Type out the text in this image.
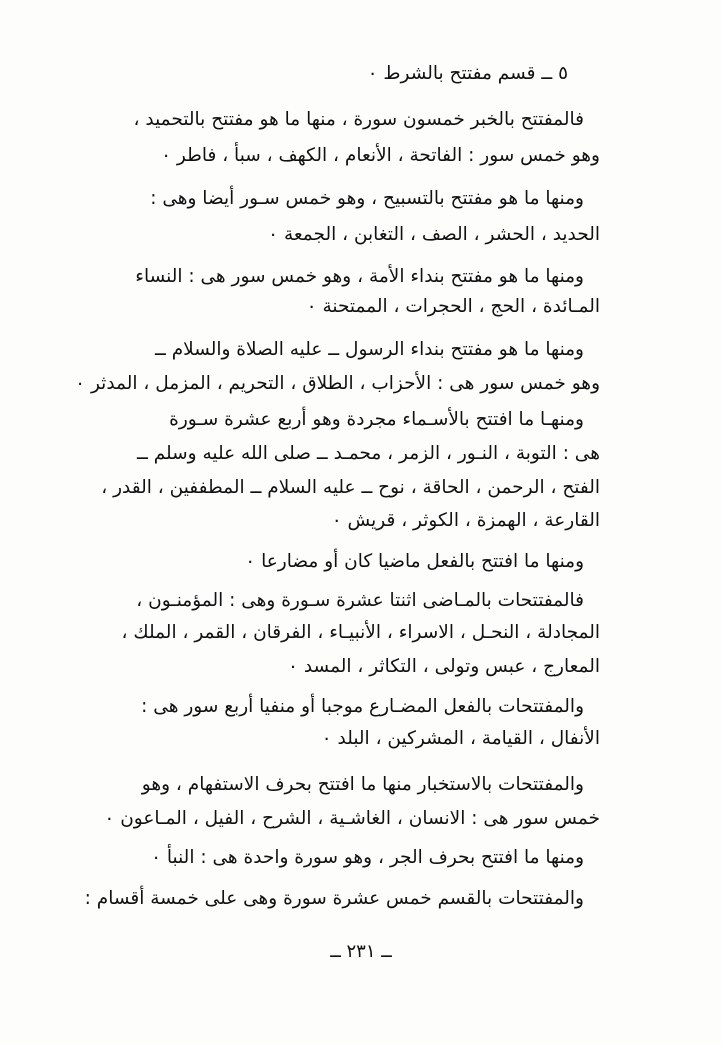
٥ ــ قسم مفتتح بالشرط ٠
فالمفتتح بالخبر خمسون سورة ، منها ما هو مفتتح بالتحميد ،
وهو خمس سور : الفاتحة ، الأنعام ، الكهف ، سبأ ، فاطر ٠
ومنها ما هو مفتتح بالتسبيح ، وهو خمس سـور أيضا وهى :
الحديد ، الحشر ، الصف ، التغابن ، الجمعة ٠
ومنها ما هو مفتتح بنداء الأمة ، وهو خمس سور هى : النساء
المـائدة ، الحج ، الحجرات ، الممتحنة ٠
ومنها ما هو مفتتح بنداء الرسول ــ عليه الصلاة والسلام ــ
وهو خمس سور هى : الأحزاب ، الطلاق ، التحريم ، المزمل ، المدثر ٠
ومنهـا ما افتتح بالأسـماء مجردة وهو أربع عشرة سـورة
هى : التوبة ، النـور ، الزمر ، محمـد ــ صلى الله عليه وسلم ــ
الفتح ، الرحمن ، الحاقة ، نوح ــ عليه السلام ــ المطففين ، القدر ،
القارعة ، الهمزة ، الكوثر ، قريش ٠
ومنها ما افتتح بالفعل ماضيا كان أو مضارعا ٠
فالمفتتحات بالمـاضى اثنتا عشرة سـورة وهى : المؤمنـون ،
المجادلة ، النحـل ، الاسراء ، الأنبيـاء ، الفرقان ، القمر ، الملك ،
المعارج ، عبس وتولى ، التكاثر ، المسد ٠
والمفتتحات بالفعل المضـارع موجبا أو منفيا أربع سور هى :
الأنفال ، القيامة ، المشركين ، البلد ٠
والمفتتحات بالاستخبار منها ما افتتح بحرف الاستفهام ، وهو
خمس سور هى : الانسان ، الغاشـية ، الشرح ، الفيل ، المـاعون ٠
ومنها ما افتتح بحرف الجر ، وهو سورة واحدة هى : النبأ ٠
والمفتتحات بالقسم خمس عشرة سورة وهى على خمسة أقسام :
ــ ٢٣١ ــ
